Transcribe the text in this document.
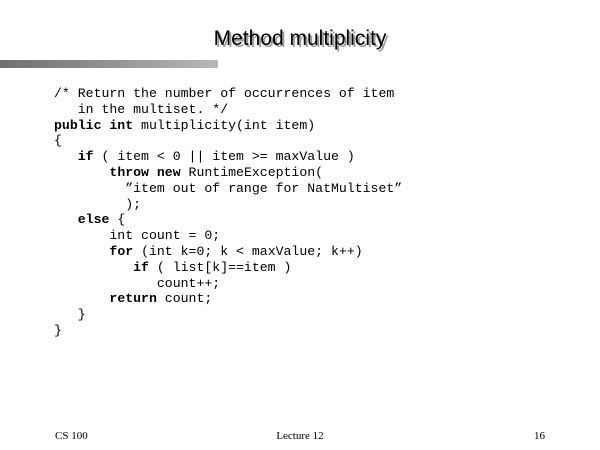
Method multiplicity
/* Return the number of occurrences of item
in the multiset. */
public int multiplicity(int item)
{
if ( item < 0 || item >= maxValue )
throw new RuntimeException(
”item out of range for NatMultiset”
);
else {
int count = 0;
for (int k=0; k < maxValue; k++)
if ( list[k]==item )
count++;
return count;
}
}
CS 100	Lecture 12	16
